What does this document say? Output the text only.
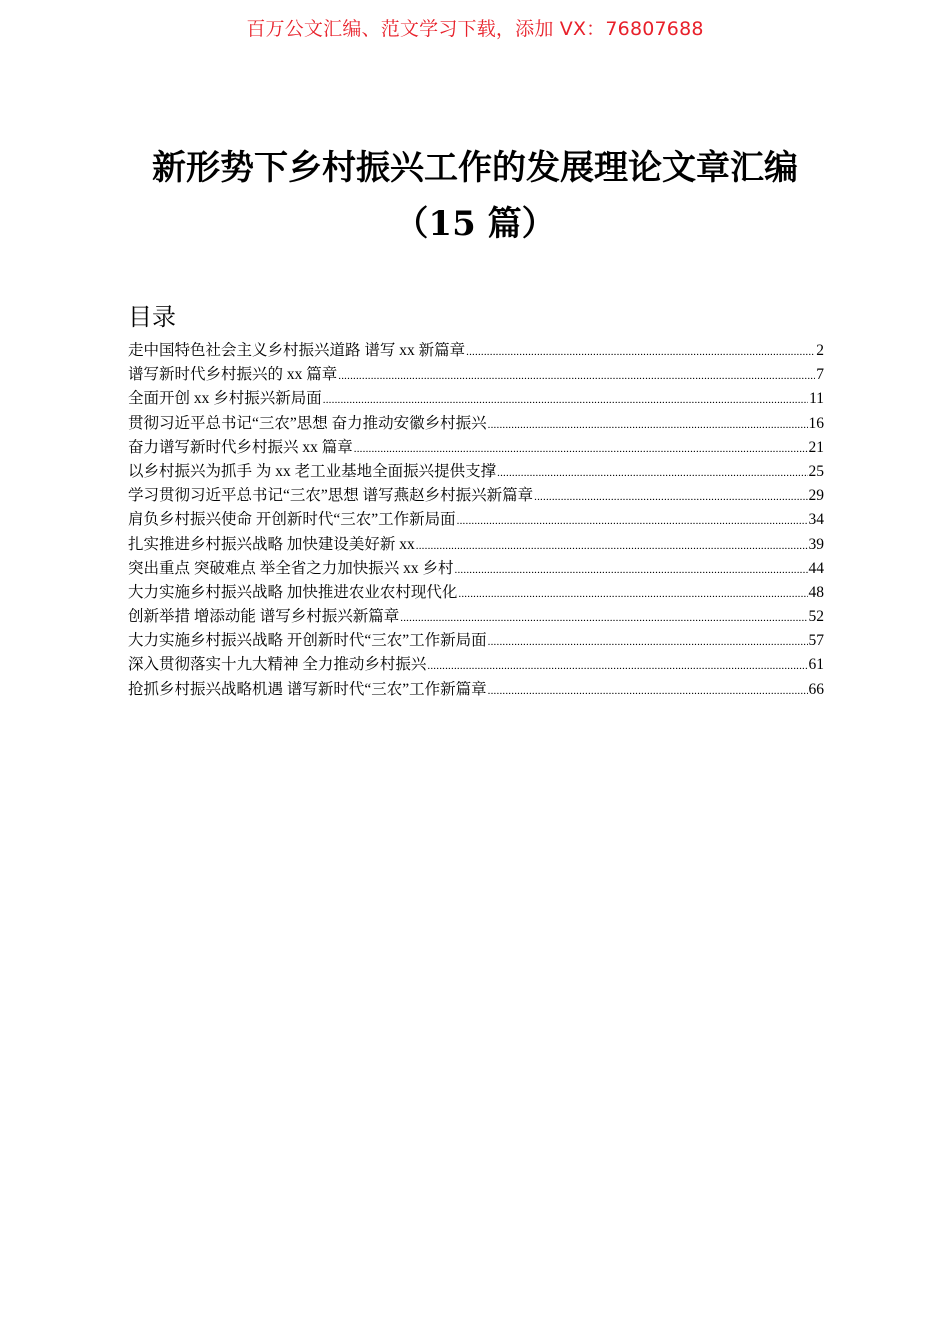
百万公文汇编、范文学习下载，添加 VX：76807688
新形势下乡村振兴工作的发展理论文章汇编
（15 篇）
目录
走中国特色社会主义乡村振兴道路 谱写 xx 新篇章 .....	2
谱写新时代乡村振兴的 xx 篇章 .....	7
全面开创 xx 乡村振兴新局面 .....	11
贯彻习近平总书记“三农”思想 奋力推动安徽乡村振兴 .....	16
奋力谱写新时代乡村振兴 xx 篇章 .....	21
以乡村振兴为抓手 为 xx 老工业基地全面振兴提供支撑 .....	25
学习贯彻习近平总书记“三农”思想 谱写燕赵乡村振兴新篇章 .....	29
肩负乡村振兴使命 开创新时代“三农”工作新局面 .....	34
扎实推进乡村振兴战略 加快建设美好新 xx .....	39
突出重点 突破难点 举全省之力加快振兴 xx 乡村 .....	44
大力实施乡村振兴战略 加快推进农业农村现代化 .....	48
创新举措 增添动能 谱写乡村振兴新篇章 .....	52
大力实施乡村振兴战略 开创新时代“三农”工作新局面 .....	57
深入贯彻落实十九大精神 全力推动乡村振兴 .....	61
抢抓乡村振兴战略机遇 谱写新时代“三农”工作新篇章 .....	66
